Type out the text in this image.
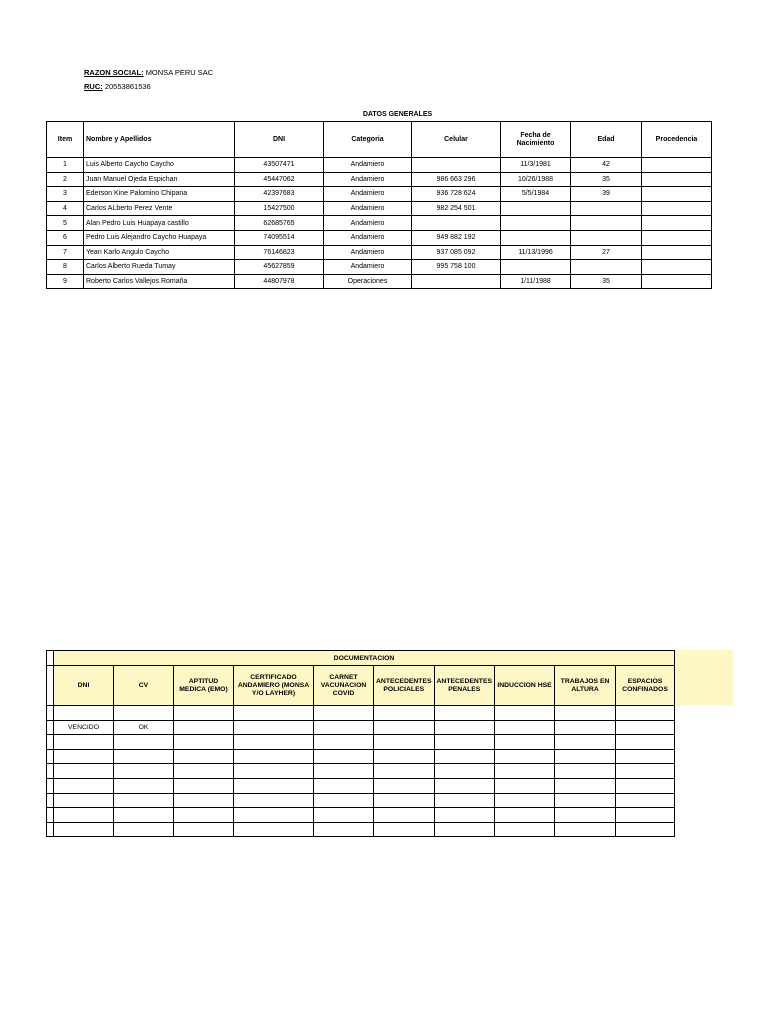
RAZON SOCIAL: MONSA PERU SAC
RUC: 20553861536
	DATOS GENERALES						
Item	Nombre y Apellidos	DNI	Categoria	Celular	Fecha de Nacimiento	Edad	Procedencia
1	Luis Alberto Caycho Caycho	43507471	Andamiero		11/3/1981	42	
2	Juan Manuel Ojeda Espichan	45447062	Andamiero	986 663 296	10/26/1988	35	
3	Ederson Kine Palomino Chipana	42397683	Andamiero	936 728 624	5/5/1984	39	
4	Carlos ALberto Perez Vente	15427500	Andamiero	982 254 501			
5	Alan Pedro Luis Huapaya castillo	62685765	Andamiero				
6	Pedro Luis Alejandro Caycho Huapaya	74095514	Andamiero	949 882 192			
7	Yean Karlo Angulo Caycho	76146823	Andamiero	937 085 092	11/13/1996	27	
8	Carlos Alberto Rueda Tumay	45627859	Andamiero	995 758 100			
9	Roberto Carlos Vallejos Romaña	44807978	Operaciones		1/11/1988	35	
	DOCUMENTACION									
	DNI	CV	APTITUD MEDICA (EMO)	CERTIFICADO ANDAMIERO (MONSA Y/O LAYHER)	CARNET VACUNACION COVID	ANTECEDENTES POLICIALES	ANTECEDENTES PENALES	INDUCCION HSE	TRABAJOS EN ALTURA	ESPACIOS CONFINADOS

	VENCIDO	OK								
